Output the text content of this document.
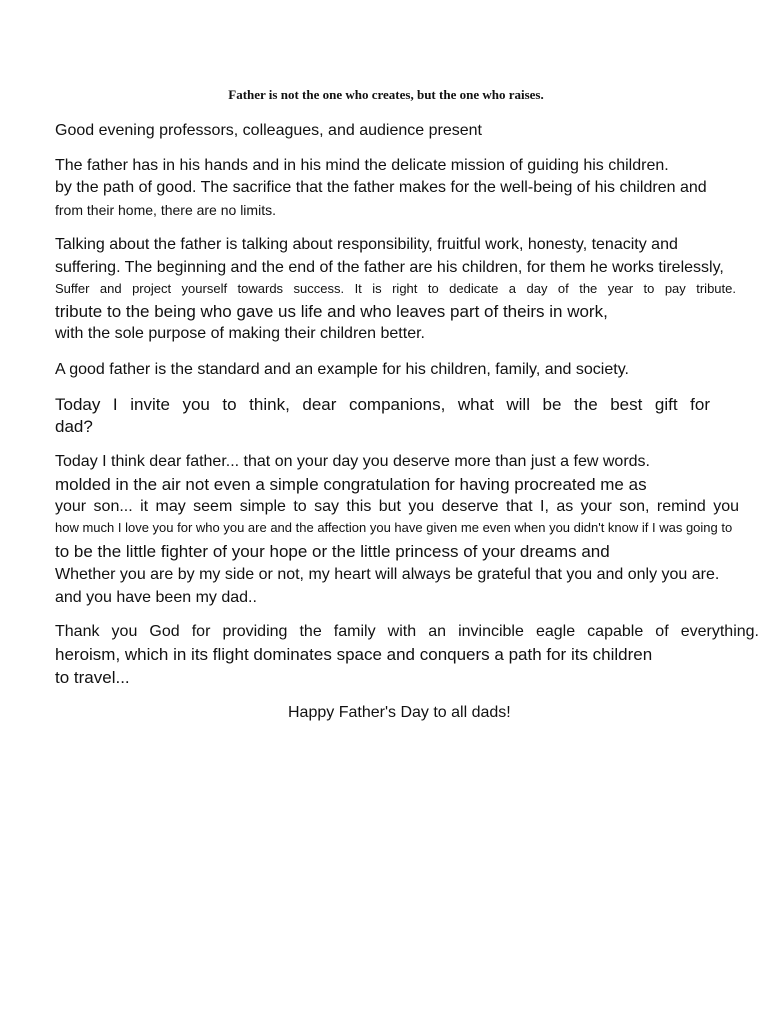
Father is not the one who creates, but the one who raises.
Good evening professors, colleagues, and audience present
The father has in his hands and in his mind the delicate mission of guiding his children.
by the path of good. The sacrifice that the father makes for the well-being of his children and
from their home, there are no limits.
Talking about the father is talking about responsibility, fruitful work, honesty, tenacity and
suffering. The beginning and the end of the father are his children, for them he works tirelessly,
Suffer and project yourself towards success. It is right to dedicate a day of the year to pay tribute.
tribute to the being who gave us life and who leaves part of theirs in work,
with the sole purpose of making their children better.
A good father is the standard and an example for his children, family, and society.
Today I invite you to think, dear companions, what will be the best gift for
dad?
Today I think dear father... that on your day you deserve more than just a few words.
molded in the air not even a simple congratulation for having procreated me as
your son... it may seem simple to say this but you deserve that I, as your son, remind you
how much I love you for who you are and the affection you have given me even when you didn't know if I was going to
to be the little fighter of your hope or the little princess of your dreams and
Whether you are by my side or not, my heart will always be grateful that you and only you are.
and you have been my dad..
Thank you God for providing the family with an invincible eagle capable of everything.
heroism, which in its flight dominates space and conquers a path for its children
to travel...
Happy Father's Day to all dads!
